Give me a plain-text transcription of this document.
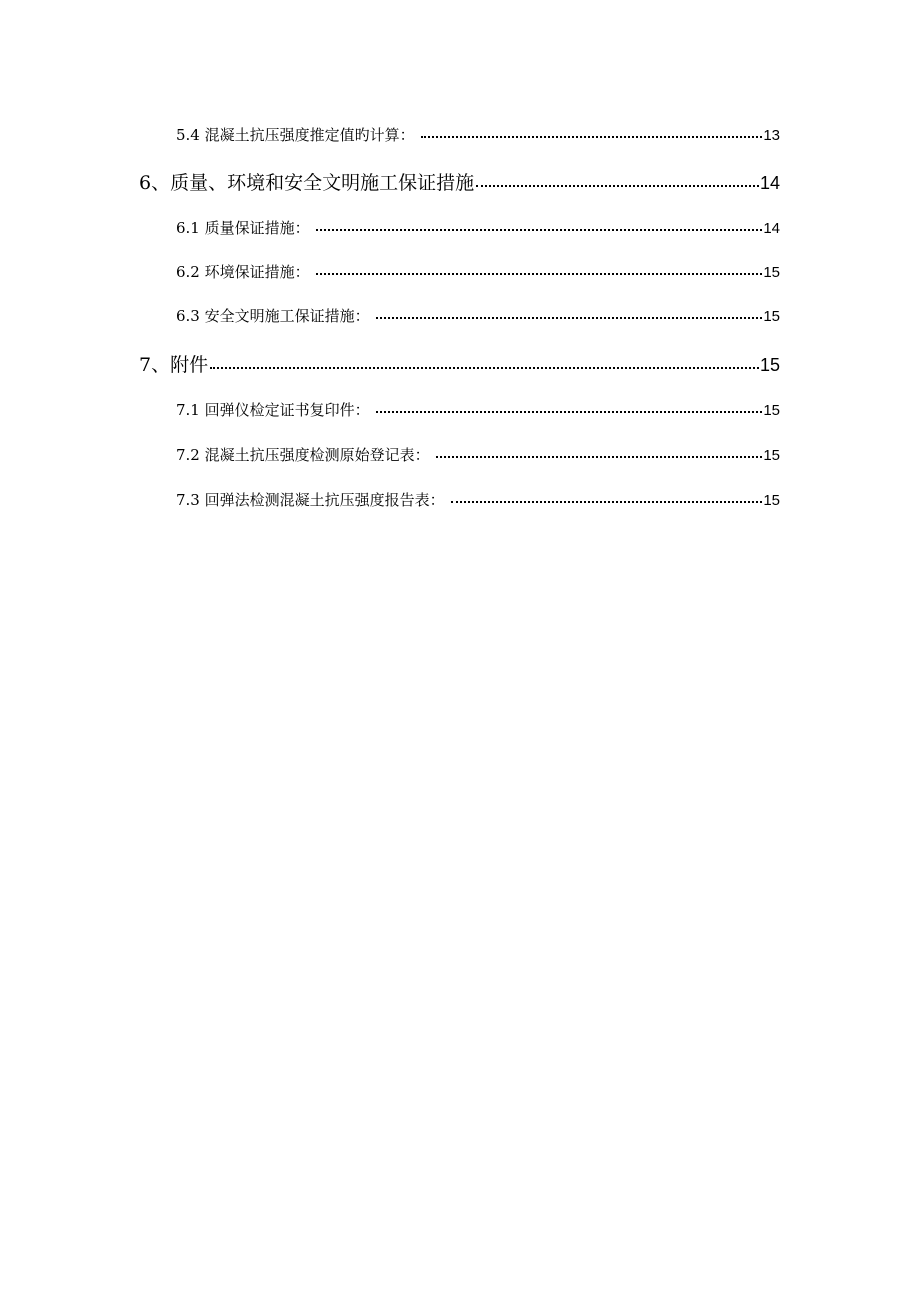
5.4 混凝土抗压强度推定值旳计算：	13
6、质量、环境和安全文明施工保证措施	14
6.1 质量保证措施：	14
6.2 环境保证措施：	15
6.3 安全文明施工保证措施：	15
7、附件	15
7.1 回弹仪检定证书复印件：	15
7.2 混凝土抗压强度检测原始登记表：	15
7.3 回弹法检测混凝土抗压强度报告表：	15
